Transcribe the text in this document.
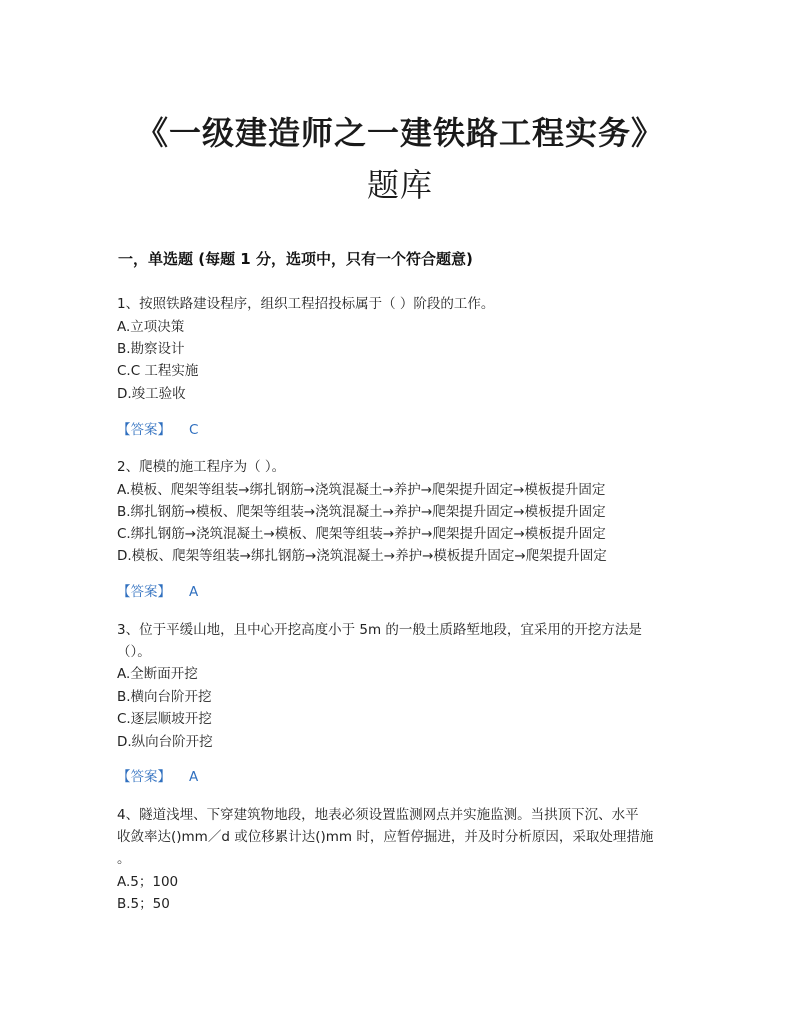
《一级建造师之一建铁路工程实务》
题库
一，单选题 (每题 1 分，选项中，只有一个符合题意)
1、按照铁路建设程序，组织工程招投标属于（ ）阶段的工作。
A.立项决策
B.勘察设计
C.C 工程实施
D.竣工验收
【答案】 C
2、爬模的施工程序为（ ）。
A.模板、爬架等组装→绑扎钢筋→浇筑混凝土→养护→爬架提升固定→模板提升固定
B.绑扎钢筋→模板、爬架等组装→浇筑混凝土→养护→爬架提升固定→模板提升固定
C.绑扎钢筋→浇筑混凝土→模板、爬架等组装→养护→爬架提升固定→模板提升固定
D.模板、爬架等组装→绑扎钢筋→浇筑混凝土→养护→模板提升固定→爬架提升固定
【答案】 A
3、位于平缓山地，且中心开挖高度小于 5m 的一般土质路堑地段，宜采用的开挖方法是
（）。
A.全断面开挖
B.横向台阶开挖
C.逐层顺坡开挖
D.纵向台阶开挖
【答案】 A
4、隧道浅埋、下穿建筑物地段，地表必须设置监测网点并实施监测。当拱顶下沉、水平
收敛率达()mm／d 或位移累计达()mm 时，应暂停掘进，并及时分析原因，采取处理措施
。
A.5；100
B.5；50
